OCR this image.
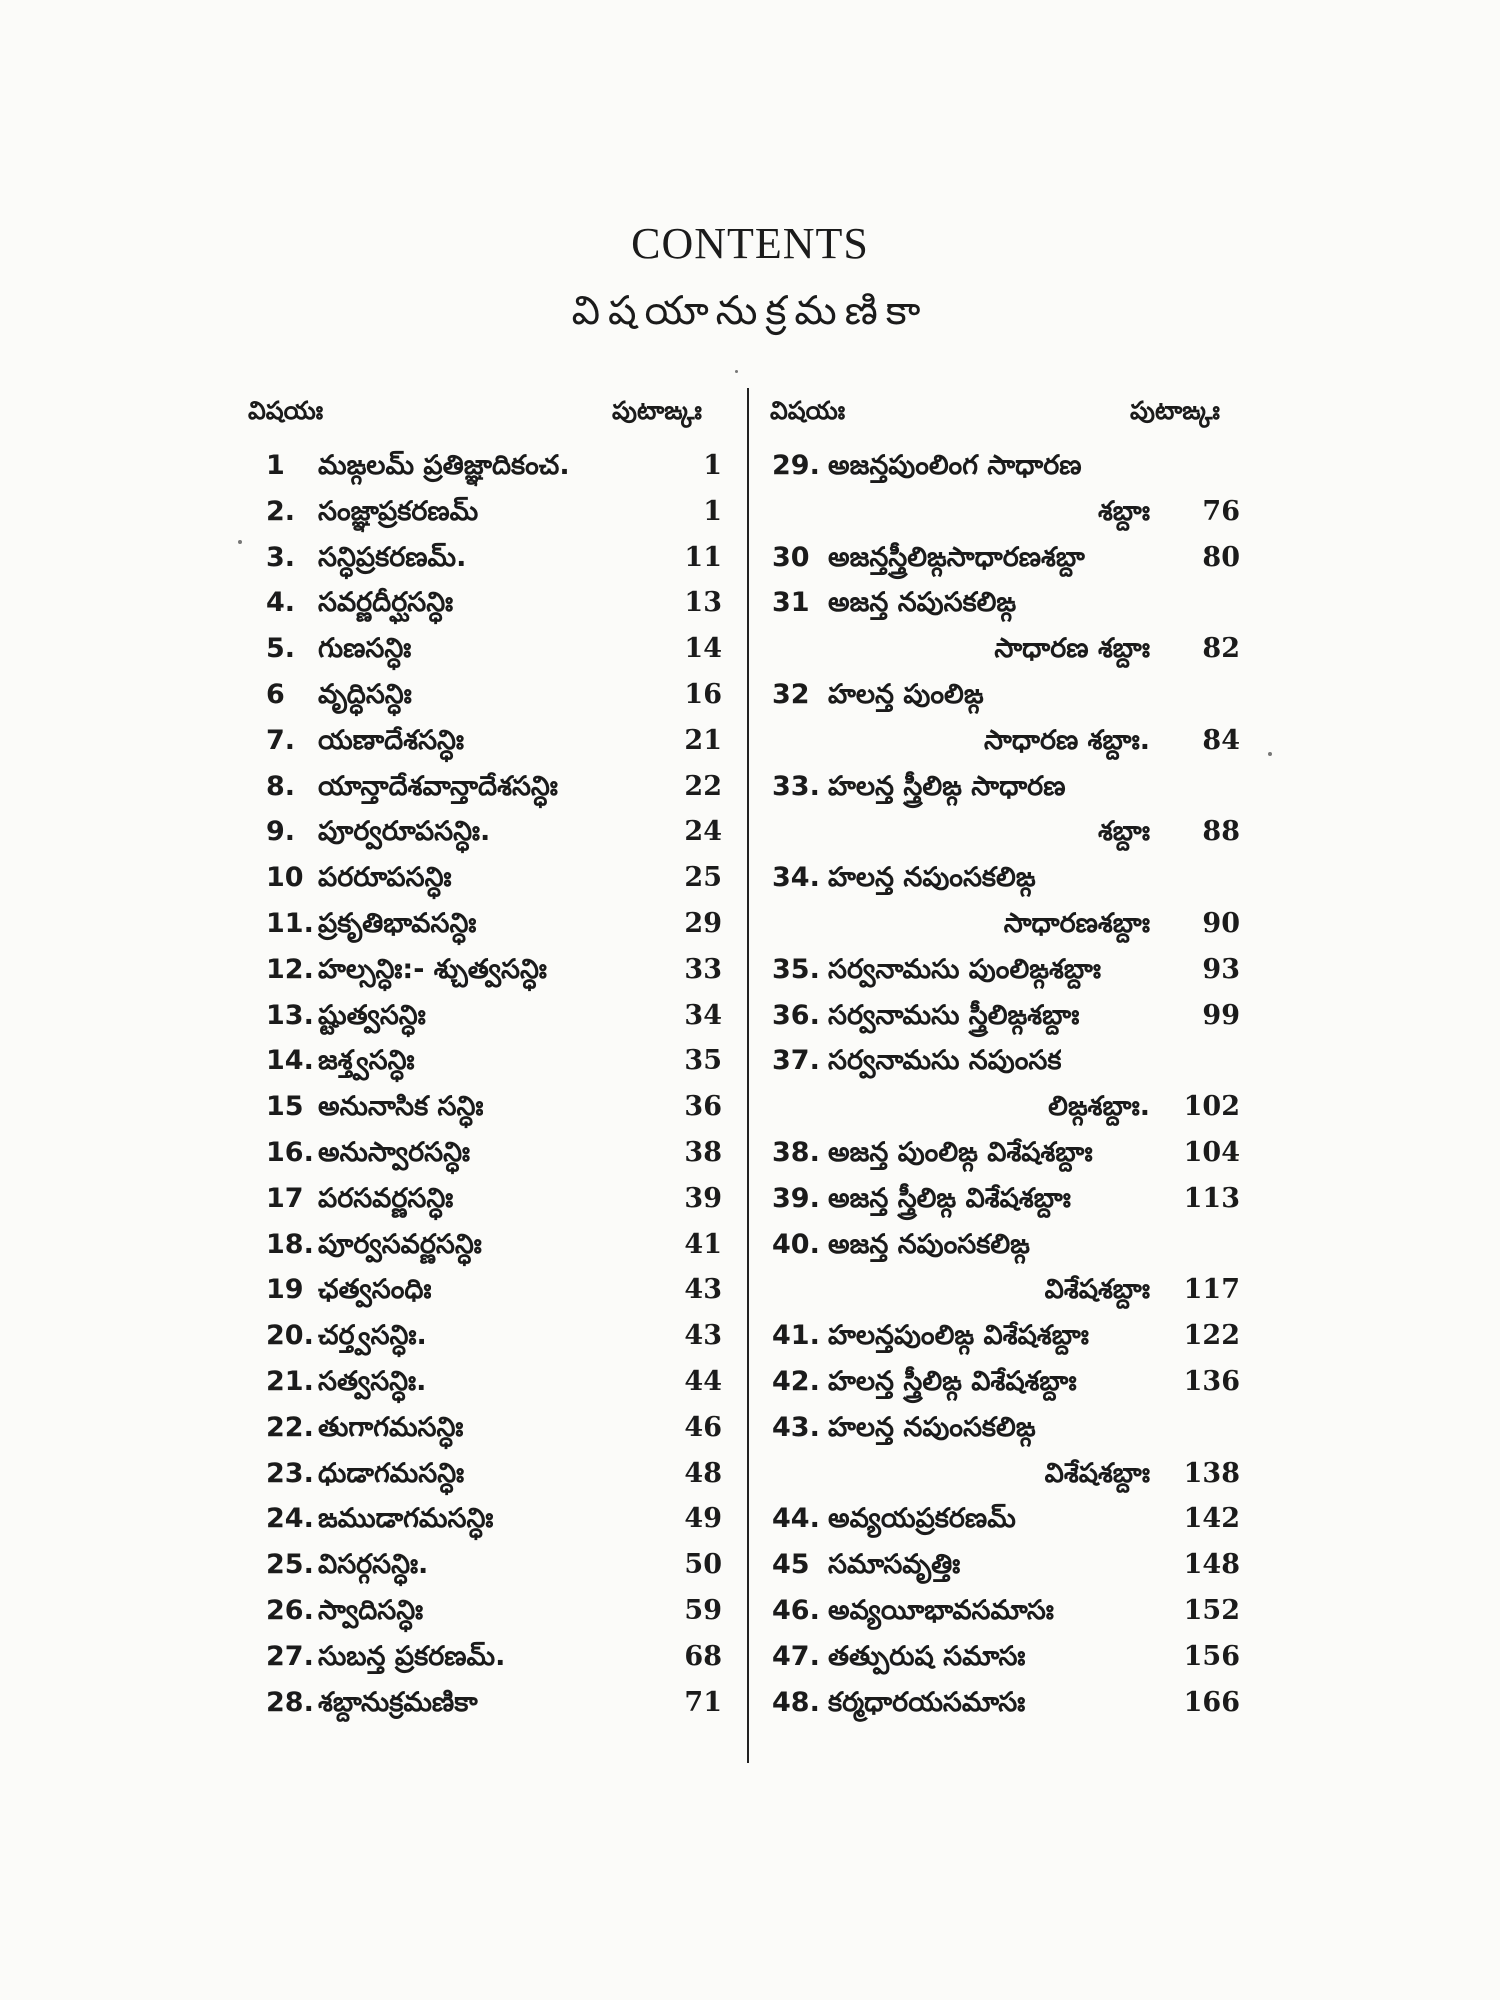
CONTENTS
విషయానుక్రమణికా
విషయః	పుటాఙ్కః	విషయః	పుటాఙ్కః
1 మఙ్గలమ్ ప్రతిజ్ఞాదికంచ.	1
2. సంజ్ఞాప్రకరణమ్	1
3. సన్ధిప్రకరణమ్.	11
4. సవర్ణదీర్ఘసన్ధిః	13
5. గుణసన్ధిః	14
6 వృద్ధిసన్ధిః	16
7. యణాదేశసన్ధిః	21
8. యాన్తాదేశవాన్తాదేశసన్ధిః	22
9. పూర్వరూపసన్ధిః.	24
10 పరరూపసన్ధిః	25
11. ప్రకృతిభావసన్ధిః	29
12. హల్సన్ధిః:- శ్చుత్వసన్ధిః	33
13. ష్టుత్వసన్ధిః	34
14. జశ్త్వసన్ధిః	35
15 అనునాసిక సన్ధిః	36
16. అనుస్వారసన్ధిః	38
17 పరసవర్ణసన్ధిః	39
18. పూర్వసవర్ణసన్ధిః	41
19 ఛత్వసంధిః	43
20. చర్త్వసన్ధిః.	43
21. సత్వసన్ధిః.	44
22. తుగాగమసన్ధిః	46
23. ధుడాగమసన్ధిః	48
24. ఙముడాగమసన్ధిః	49
25. విసర్గసన్ధిః.	50
26. స్వాదిసన్ధిః	59
27. సుబన్త ప్రకరణమ్.	68
28. శబ్దానుక్రమణికా	71
29. అజన్తపుంలింగ సాధారణ
శబ్దాః	76
30 అజన్తస్త్రీలిఙ్గసాధారణశబ్దా	80
31 అజన్త నపుసకలిఙ్గ
సాధారణ శబ్దాః	82
32 హలన్త పుంలిఙ్గ
సాధారణ శబ్దాః.	84
33. హలన్త స్త్రీలిఙ్గ సాధారణ
శబ్దాః	88
34. హలన్త నపుంసకలిఙ్గ
సాధారణశబ్దాః	90
35. సర్వనామసు పుంలిఙ్గశబ్దాః	93
36. సర్వనామసు స్త్రీలిఙ్గశబ్దాః	99
37. సర్వనామసు నపుంసక
లిఙ్గశబ్దాః.	102
38. అజన్త పుంలిఙ్గ విశేషశబ్దాః	104
39. అజన్త స్త్రీలిఙ్గ విశేషశబ్దాః	113
40. అజన్త నపుంసకలిఙ్గ
విశేషశబ్దాః	117
41. హలన్తపుంలిఙ్గ విశేషశబ్దాః	122
42. హలన్త స్త్రీలిఙ్గ విశేషశబ్దాః	136
43. హలన్త నపుంసకలిఙ్గ
విశేషశబ్దాః	138
44. అవ్యయప్రకరణమ్	142
45 సమాసవృత్తిః	148
46. అవ్యయీభావసమాసః	152
47. తత్పురుష సమాసః	156
48. కర్మధారయసమాసః	166
